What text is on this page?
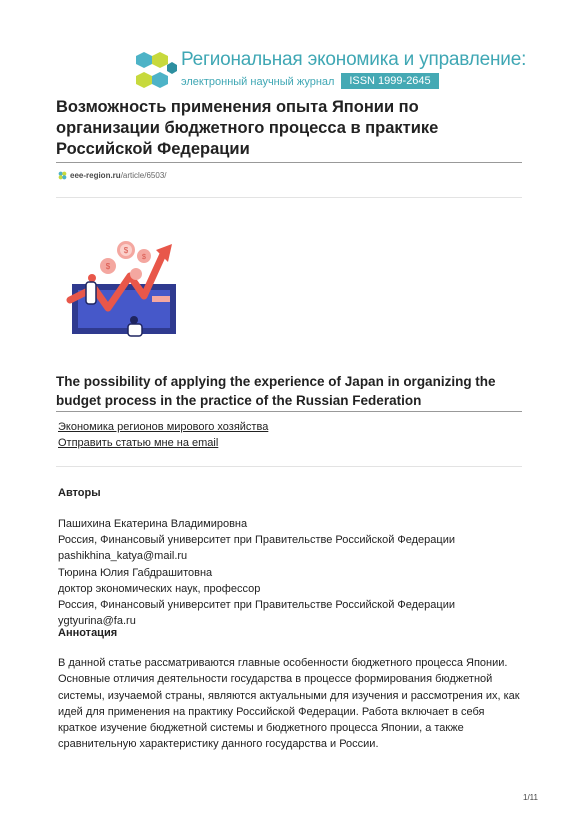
Региональная экономика и управление:
электронный научный журнал	ISSN 1999-2645
Возможность применения опыта Японии по организации бюджетного процесса в практике Российской Федерации
eee-region.ru/article/6503/
$
$
$
The possibility of applying the experience of Japan in organizing the budget process in the practice of the Russian Federation
Экономика регионов мирового хозяйства
Отправить статью мне на email
Авторы
Пашихина Екатерина Владимировна
Россия, Финансовый университет при Правительстве Российской Федерации
pashikhina_katya@mail.ru
Тюрина Юлия Габдрашитовна
доктор экономических наук, профессор
Россия, Финансовый университет при Правительстве Российской Федерации
ygtyurina@fa.ru
Аннотация

В данной статье рассматриваются главные особенности бюджетного процесса Японии. Основные отличия деятельности государства в процессе формирования бюджетной системы, изучаемой страны, являются актуальными для изучения и рассмотрения их, как идей для применения на практику Российской Федерации. Работа включает в себя краткое изучение бюджетной системы и бюджетного процесса Японии, а также сравнительную характеристику данного государства и России.

1/11
